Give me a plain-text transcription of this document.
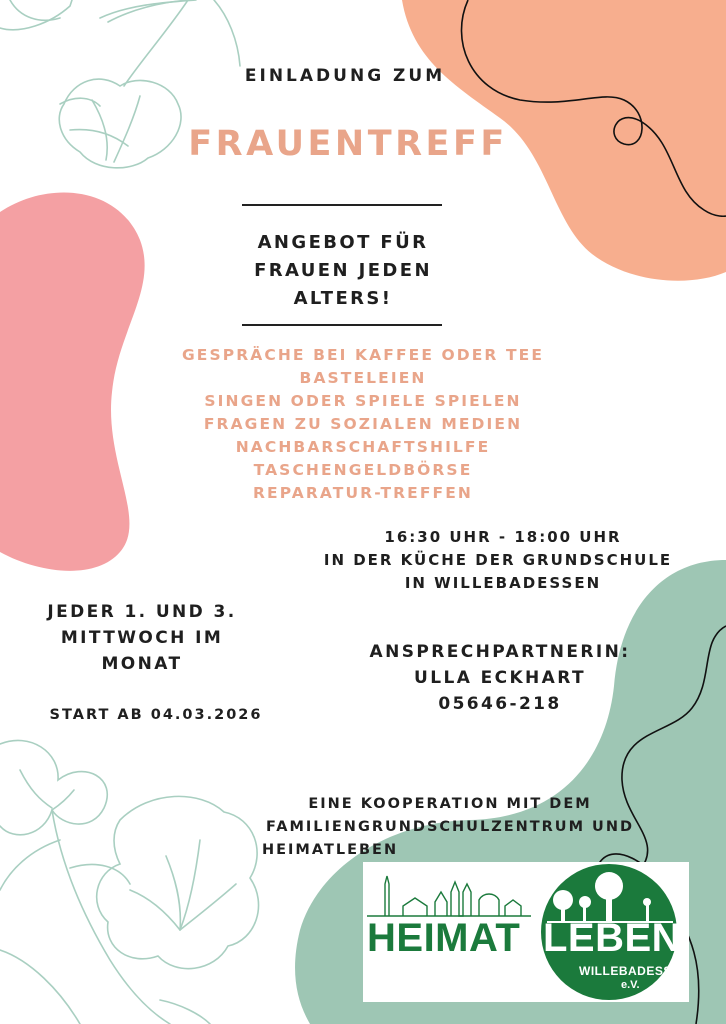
EINLADUNG ZUM

FRAUENTREFF

ANGEBOT FÜR

FRAUEN JEDEN

ALTERS!

GESPRÄCHE BEI KAFFEE ODER TEE
BASTELEIEN
SINGEN ODER SPIELE SPIELEN
FRAGEN ZU SOZIALEN MEDIEN
NACHBARSCHAFTSHILFE
TASCHENGELDBÖRSE
REPARATUR-TREFFEN

16:30 UHR - 18:00 UHR

IN DER KÜCHE DER GRUNDSCHULE

IN WILLEBADESSEN

JEDER 1. UND 3.

MITTWOCH IM

MONAT

START AB 04.03.2026

ANSPRECHPARTNERIN:

ULLA ECKHART

05646-218

EINE KOOPERATION MIT DEM

FAMILIENGRUNDSCHULZENTRUM UND

HEIMATLEBEN

HEIMAT LEBEN

WILLEBADESSEN

e.V.
